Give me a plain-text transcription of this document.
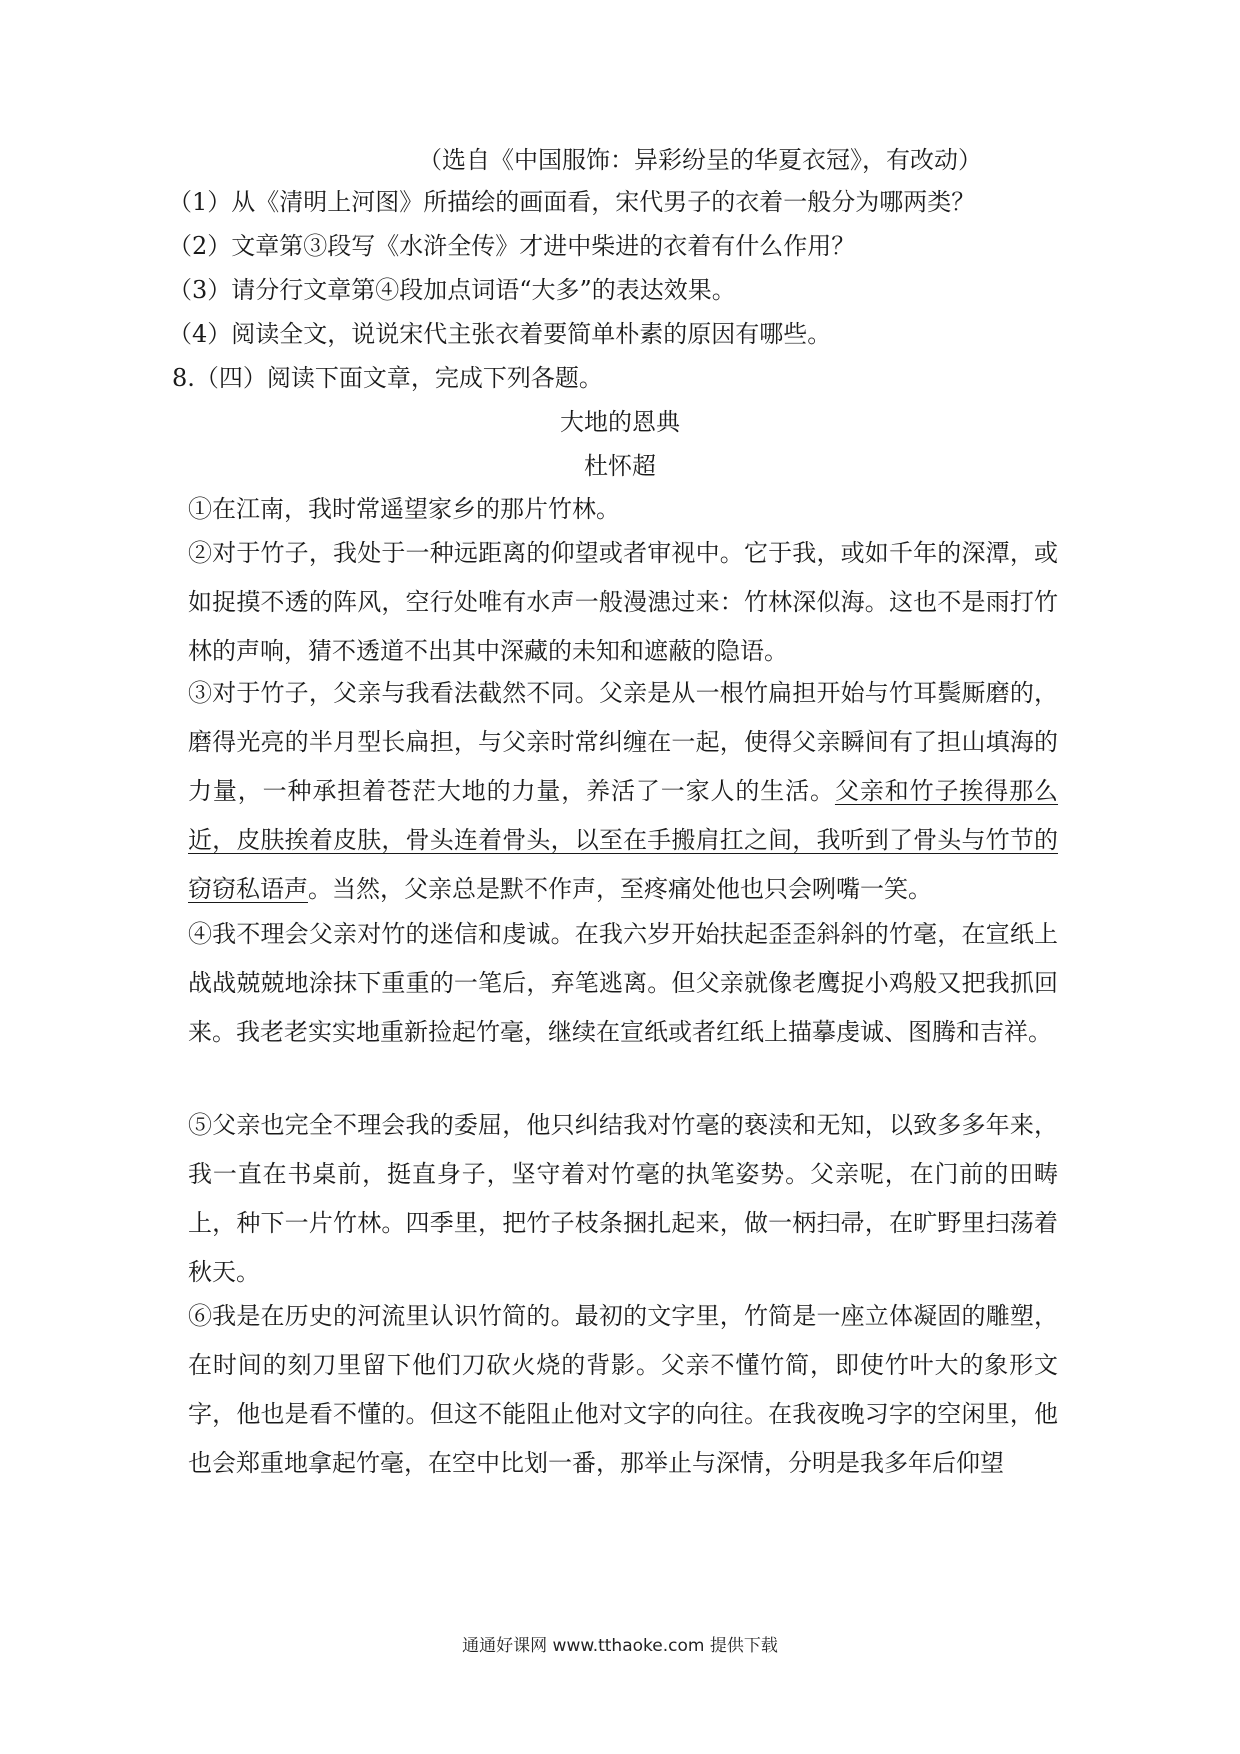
（选自《中国服饰：异彩纷呈的华夏衣冠》，有改动）
（1）从《清明上河图》所描绘的画面看，宋代男子的衣着一般分为哪两类？
（2）文章第③段写《水浒全传》才进中柴进的衣着有什么作用？
（3）请分行文章第④段加点词语“大多”的表达效果。
（4）阅读全文，说说宋代主张衣着要简单朴素的原因有哪些。
8.（四）阅读下面文章，完成下列各题。
大地的恩典
杜怀超
①在江南，我时常遥望家乡的那片竹林。
②对于竹子，我处于一种远距离的仰望或者审视中。它于我，或如千年的深潭，或如捉摸不透的阵风，空行处唯有水声一般漫漶过来：竹林深似海。这也不是雨打竹林的声响，猜不透道不出其中深藏的未知和遮蔽的隐语。
③对于竹子，父亲与我看法截然不同。父亲是从一根竹扁担开始与竹耳鬓厮磨的，磨得光亮的半月型长扁担，与父亲时常纠缠在一起，使得父亲瞬间有了担山填海的力量，一种承担着苍茫大地的力量，养活了一家人的生活。父亲和竹子挨得那么近，皮肤挨着皮肤，骨头连着骨头，以至在手搬肩扛之间，我听到了骨头与竹节的窃窃私语声。当然，父亲总是默不作声，至疼痛处他也只会咧嘴一笑。
④我不理会父亲对竹的迷信和虔诚。在我六岁开始扶起歪歪斜斜的竹毫，在宣纸上战战兢兢地涂抹下重重的一笔后，弃笔逃离。但父亲就像老鹰捉小鸡般又把我抓回来。我老老实实地重新捡起竹毫，继续在宣纸或者红纸上描摹虔诚、图腾和吉祥。
⑤父亲也完全不理会我的委屈，他只纠结我对竹毫的亵渎和无知，以致多多年来，我一直在书桌前，挺直身子，坚守着对竹毫的执笔姿势。父亲呢，在门前的田畴上，种下一片竹林。四季里，把竹子枝条捆扎起来，做一柄扫帚，在旷野里扫荡着秋天。
⑥我是在历史的河流里认识竹简的。最初的文字里，竹简是一座立体凝固的雕塑，在时间的刻刀里留下他们刀砍火烧的背影。父亲不懂竹简，即使竹叶大的象形文字，他也是看不懂的。但这不能阻止他对文字的向往。在我夜晚习字的空闲里，他也会郑重地拿起竹毫，在空中比划一番，那举止与深情，分明是我多年后仰望
通通好课网 www.tthaoke.com 提供下载
